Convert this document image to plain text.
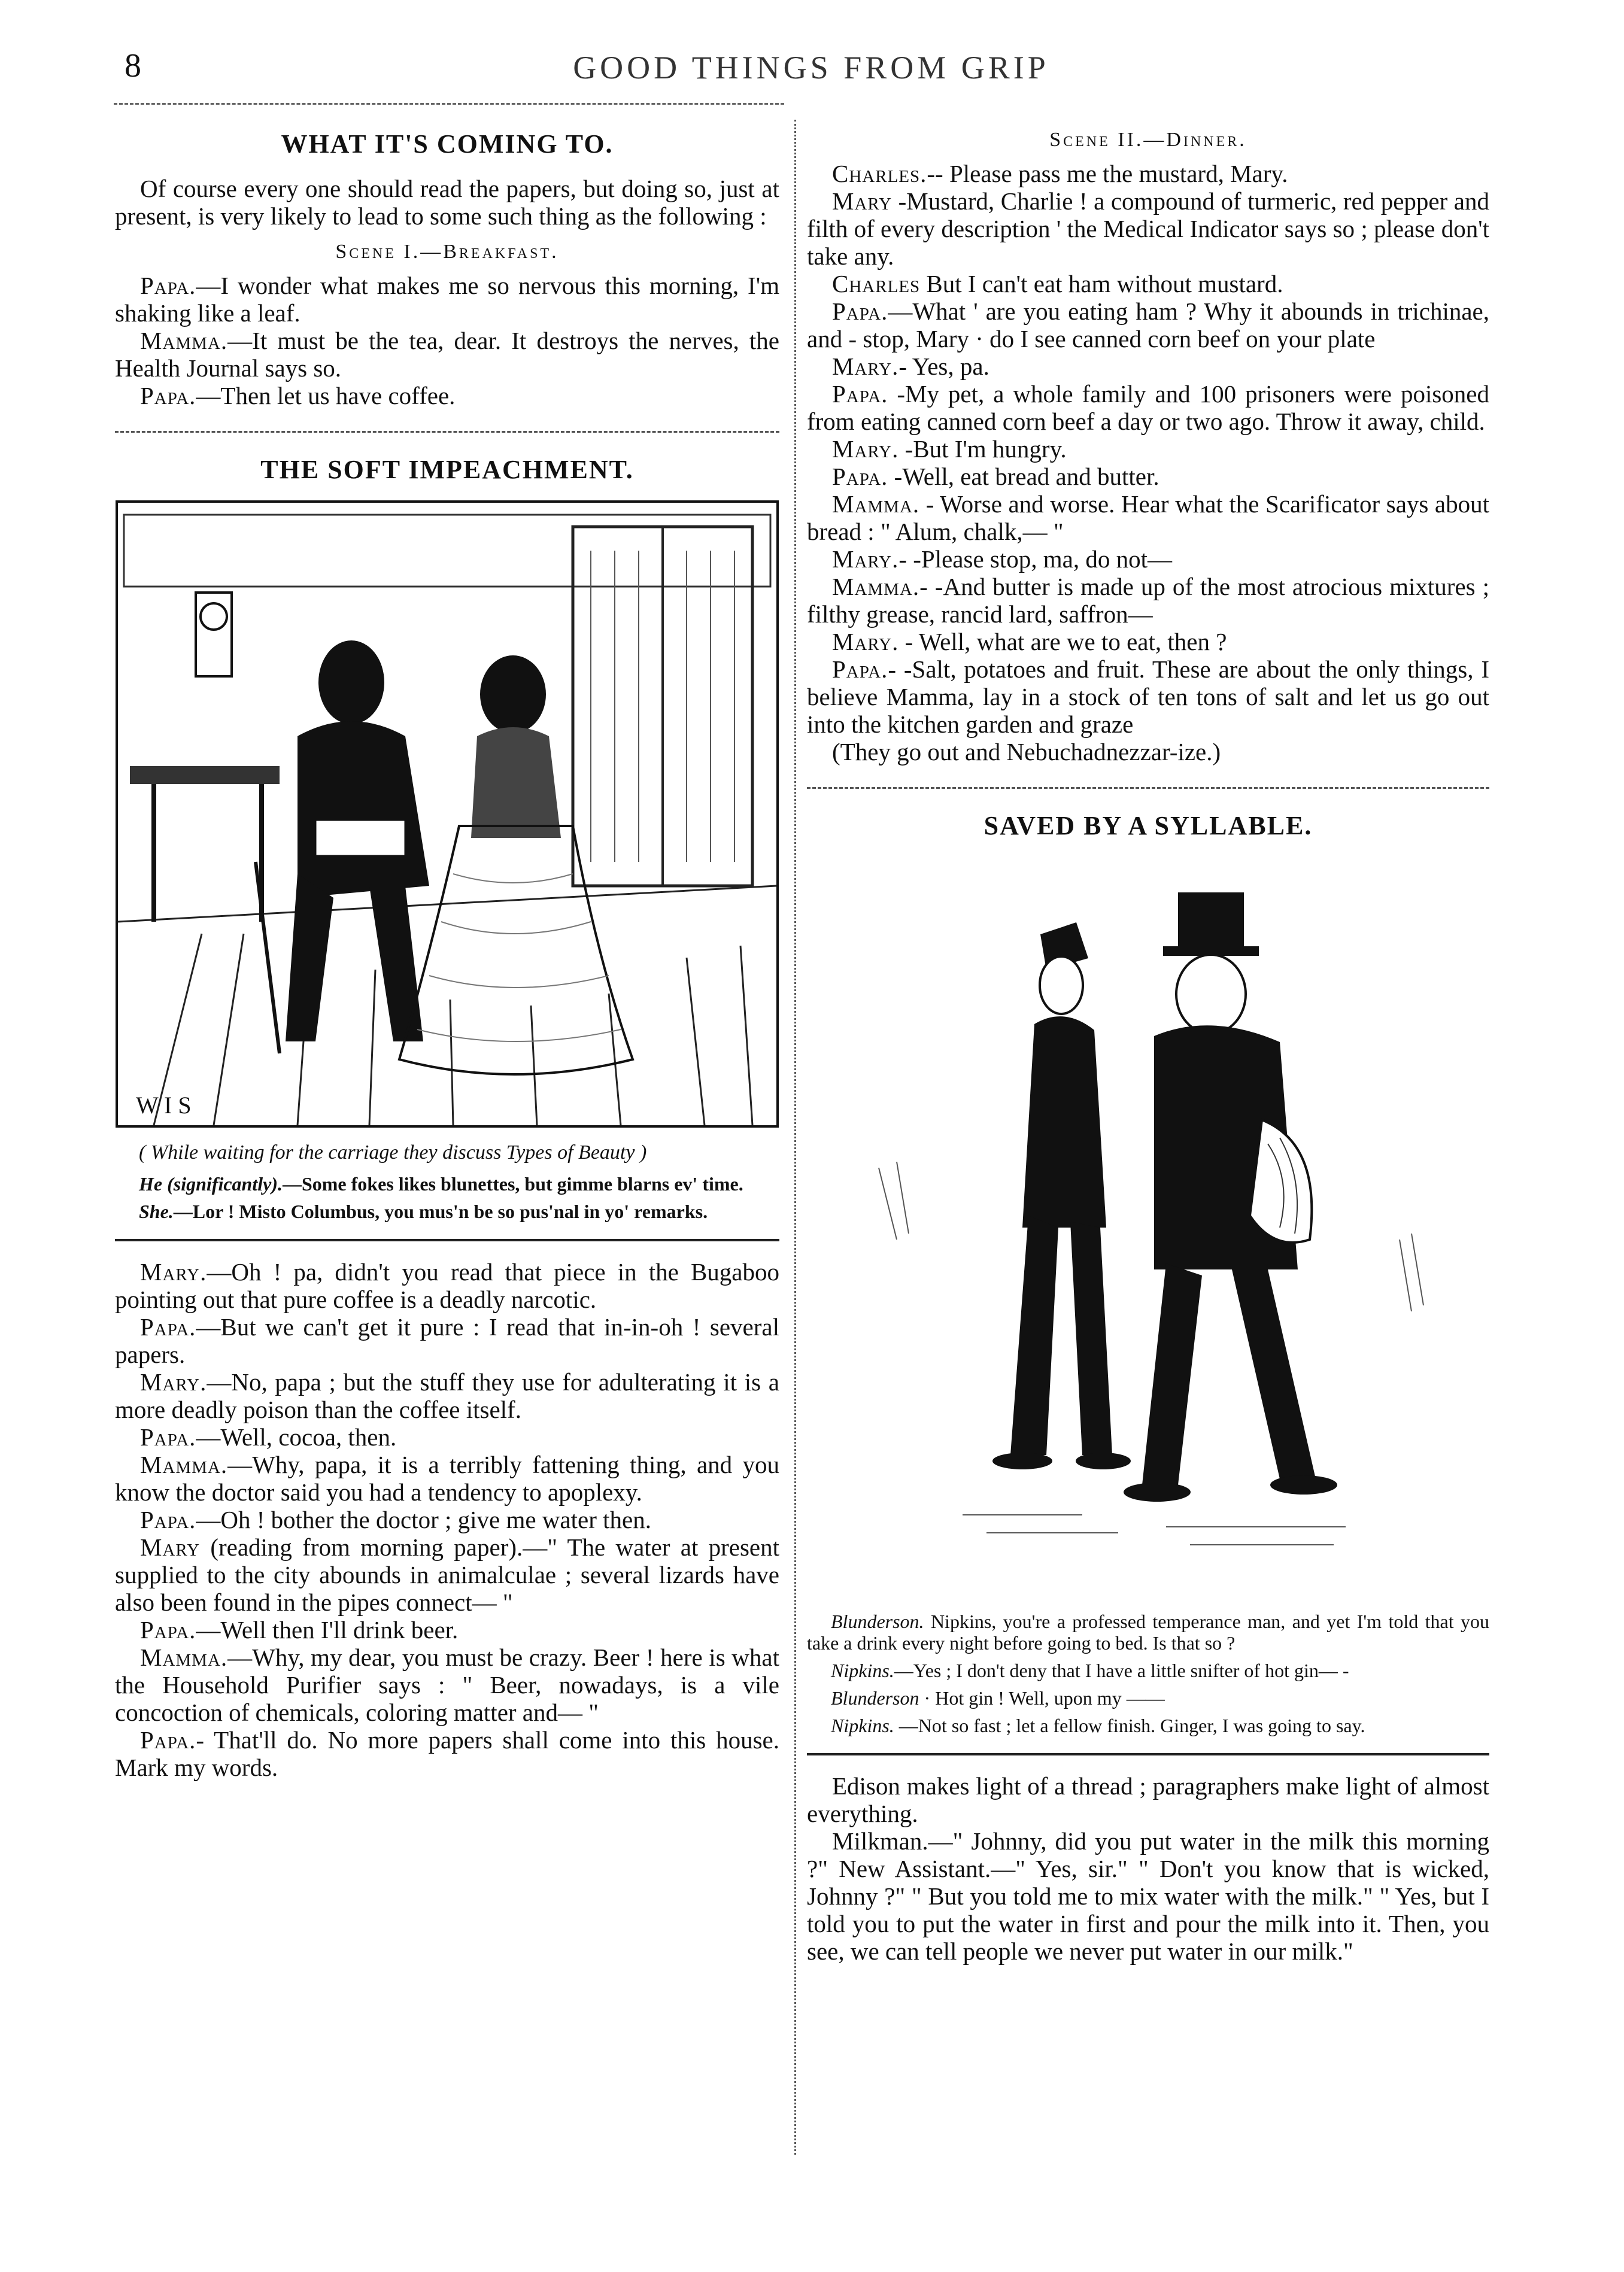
8	GOOD THINGS FROM GRIP
WHAT IT'S COMING TO.

Of course every one should read the papers, but doing so, just at present, is very likely to lead to some such thing as the following :

Scene I.—Breakfast.

Papa.—I wonder what makes me so nervous this morning, I'm shaking like a leaf.

Mamma.—It must be the tea, dear. It destroys the nerves, the Health Journal says so.

Papa.—Then let us have coffee.

THE SOFT IMPEACHMENT.
W I S
( While waiting for the carriage they discuss Types of Beauty )

He (significantly).—Some fokes likes blunettes, but gimme blarns ev' time.

She.—Lor ! Misto Columbus, you mus'n be so pus'nal in yo' remarks.

Mary.—Oh ! pa, didn't you read that piece in the Bugaboo pointing out that pure coffee is a deadly narcotic.

Papa.—But we can't get it pure : I read that in-in-oh ! several papers.

Mary.—No, papa ; but the stuff they use for adulterating it is a more deadly poison than the coffee itself.

Papa.—Well, cocoa, then.

Mamma.—Why, papa, it is a terribly fattening thing, and you know the doctor said you had a tendency to apoplexy.

Papa.—Oh ! bother the doctor ; give me water then.

Mary (reading from morning paper).—" The water at present supplied to the city abounds in animalculae ; several lizards have also been found in the pipes connect— "

Papa.—Well then I'll drink beer.

Mamma.—Why, my dear, you must be crazy. Beer ! here is what the Household Purifier says : " Beer, nowadays, is a vile concoction of chemicals, coloring matter and— "

Papa.- That'll do. No more papers shall come into this house. Mark my words.

Scene II.—Dinner.

Charles.-- Please pass me the mustard, Mary.

Mary -Mustard, Charlie ! a compound of turmeric, red pepper and filth of every description ' the Medical Indicator says so ; please don't take any.

Charles But I can't eat ham without mustard.

Papa.—What ' are you eating ham ? Why it abounds in trichinae, and - stop, Mary · do I see canned corn beef on your plate

Mary.- Yes, pa.

Papa. -My pet, a whole family and 100 prisoners were poisoned from eating canned corn beef a day or two ago. Throw it away, child.

Mary. -But I'm hungry.

Papa. -Well, eat bread and butter.

Mamma. - Worse and worse. Hear what the Scarificator says about bread : " Alum, chalk,— "

Mary.- -Please stop, ma, do not—

Mamma.- -And butter is made up of the most atrocious mixtures ; filthy grease, rancid lard, saffron—

Mary. - Well, what are we to eat, then ?

Papa.- -Salt, potatoes and fruit. These are about the only things, I believe Mamma, lay in a stock of ten tons of salt and let us go out into the kitchen garden and graze

(They go out and Nebuchadnezzar-ize.)

SAVED BY A SYLLABLE.

Blunderson. Nipkins, you're a professed temperance man, and yet I'm told that you take a drink every night before going to bed. Is that so ?

Nipkins.—Yes ; I don't deny that I have a little snifter of hot gin— -

Blunderson · Hot gin ! Well, upon my ——

Nipkins. —Not so fast ; let a fellow finish. Ginger, I was going to say.

Edison makes light of a thread ; paragraphers make light of almost everything.

Milkman.—" Johnny, did you put water in the milk this morning ?" New Assistant.—" Yes, sir." " Don't you know that is wicked, Johnny ?" " But you told me to mix water with the milk." " Yes, but I told you to put the water in first and pour the milk into it. Then, you see, we can tell people we never put water in our milk."
